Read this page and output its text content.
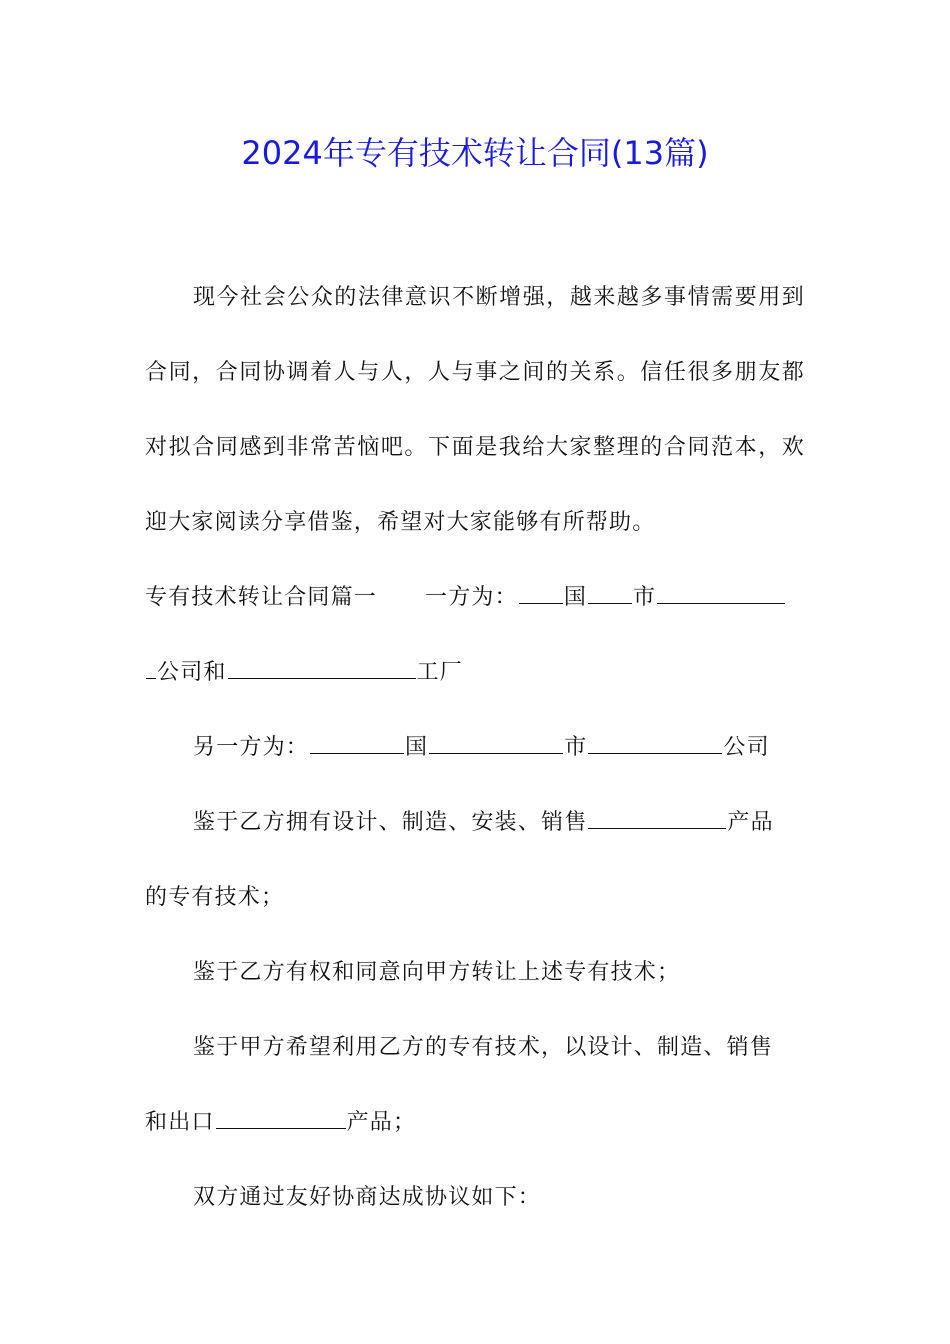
2024年专有技术转让合同(13篇)

现今社会公众的法律意识不断增强，越来越多事情需要用到合同，合同协调着人与人，人与事之间的关系。信任很多朋友都对拟合同感到非常苦恼吧。下面是我给大家整理的合同范本，欢迎大家阅读分享借鉴，希望对大家能够有所帮助。

专有技术转让合同篇一 一方为： 国 市

公司和	工厂

另一方为：	国	市	公司

鉴于乙方拥有设计、制造、安装、销售	产品

的专有技术；

鉴于乙方有权和同意向甲方转让上述专有技术；

鉴于甲方希望利用乙方的专有技术，以设计、制造、销售

和出口	产品；

双方通过友好协商达成协议如下：
